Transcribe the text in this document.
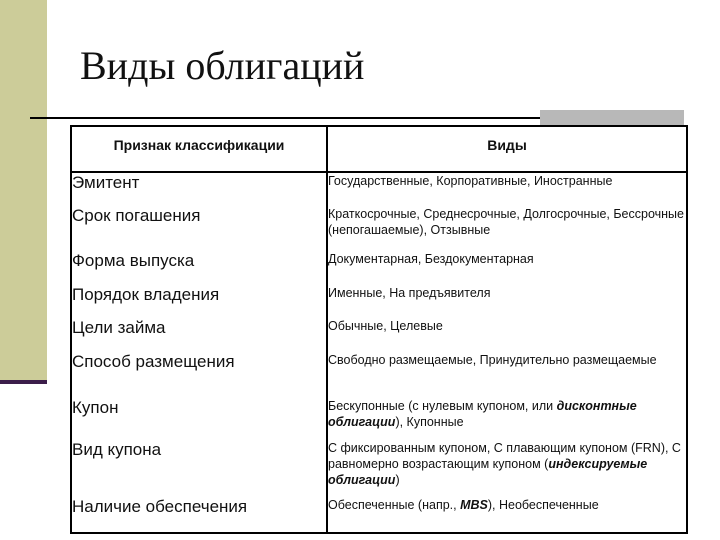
Виды облигаций
Признак классификации	Виды
Эмитент	Государственные, Корпоративные, Иностранные
Срок погашения	Краткосрочные, Среднесрочные, Долгосрочные, Бессрочные (непогашаемые), Отзывные
Форма выпуска	Документарная, Бездокументарная
Порядок владения	Именные, На предъявителя
Цели займа	Обычные, Целевые
Способ размещения	Свободно размещаемые, Принудительно размещаемые
Купон	Бескупонные (с нулевым купоном, или дисконтные облигации), Купонные
Вид купона	С фиксированным купоном, С плавающим купоном (FRN), С равномерно возрастающим купоном (индексируемые облигации)
Наличие обеспечения	Обеспеченные (напр., MBS), Необеспеченные
